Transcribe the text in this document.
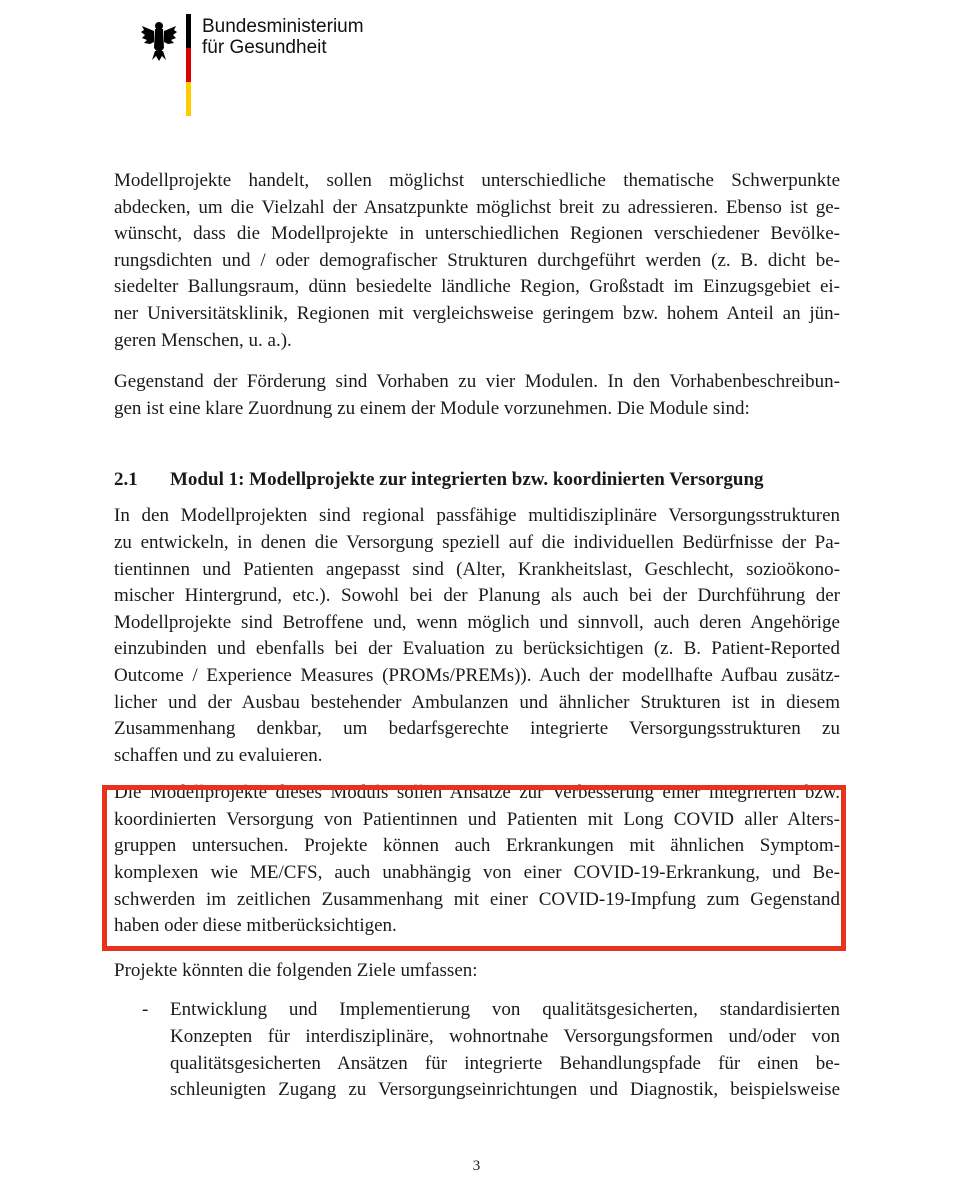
Bundesministerium
für Gesundheit
Modellprojekte handelt, sollen möglichst unterschiedliche thematische Schwerpunkte
abdecken, um die Vielzahl der Ansatzpunkte möglichst breit zu adressieren. Ebenso ist ge-
wünscht, dass die Modellprojekte in unterschiedlichen Regionen verschiedener Bevölke-
rungsdichten und / oder demografischer Strukturen durchgeführt werden (z. B. dicht be-
siedelter Ballungsraum, dünn besiedelte ländliche Region, Großstadt im Einzugsgebiet ei-
ner Universitätsklinik, Regionen mit vergleichsweise geringem bzw. hohem Anteil an jün-
geren Menschen, u. a.).
Gegenstand der Förderung sind Vorhaben zu vier Modulen. In den Vorhabenbeschreibun-
gen ist eine klare Zuordnung zu einem der Module vorzunehmen. Die Module sind:
2.1 Modul 1: Modellprojekte zur integrierten bzw. koordinierten Versorgung
In den Modellprojekten sind regional passfähige multidisziplinäre Versorgungsstrukturen
zu entwickeln, in denen die Versorgung speziell auf die individuellen Bedürfnisse der Pa-
tientinnen und Patienten angepasst sind (Alter, Krankheitslast, Geschlecht, sozioökono-
mischer Hintergrund, etc.). Sowohl bei der Planung als auch bei der Durchführung der
Modellprojekte sind Betroffene und, wenn möglich und sinnvoll, auch deren Angehörige
einzubinden und ebenfalls bei der Evaluation zu berücksichtigen (z. B. Patient-Reported
Outcome / Experience Measures (PROMs/PREMs)). Auch der modellhafte Aufbau zusätz-
licher und der Ausbau bestehender Ambulanzen und ähnlicher Strukturen ist in diesem
Zusammenhang denkbar, um bedarfsgerechte integrierte Versorgungsstrukturen zu
schaffen und zu evaluieren.
Die Modellprojekte dieses Moduls sollen Ansätze zur Verbesserung einer integrierten bzw.
koordinierten Versorgung von Patientinnen und Patienten mit Long COVID aller Alters-
gruppen untersuchen. Projekte können auch Erkrankungen mit ähnlichen Symptom-
komplexen wie ME/CFS, auch unabhängig von einer COVID-19-Erkrankung, und Be-
schwerden im zeitlichen Zusammenhang mit einer COVID-19-Impfung zum Gegenstand
haben oder diese mitberücksichtigen.
Projekte könnten die folgenden Ziele umfassen:
- Entwicklung und Implementierung von qualitätsgesicherten, standardisierten
Konzepten für interdisziplinäre, wohnortnahe Versorgungsformen und/oder von
qualitätsgesicherten Ansätzen für integrierte Behandlungspfade für einen be-
schleunigten Zugang zu Versorgungseinrichtungen und Diagnostik, beispielsweise
3
